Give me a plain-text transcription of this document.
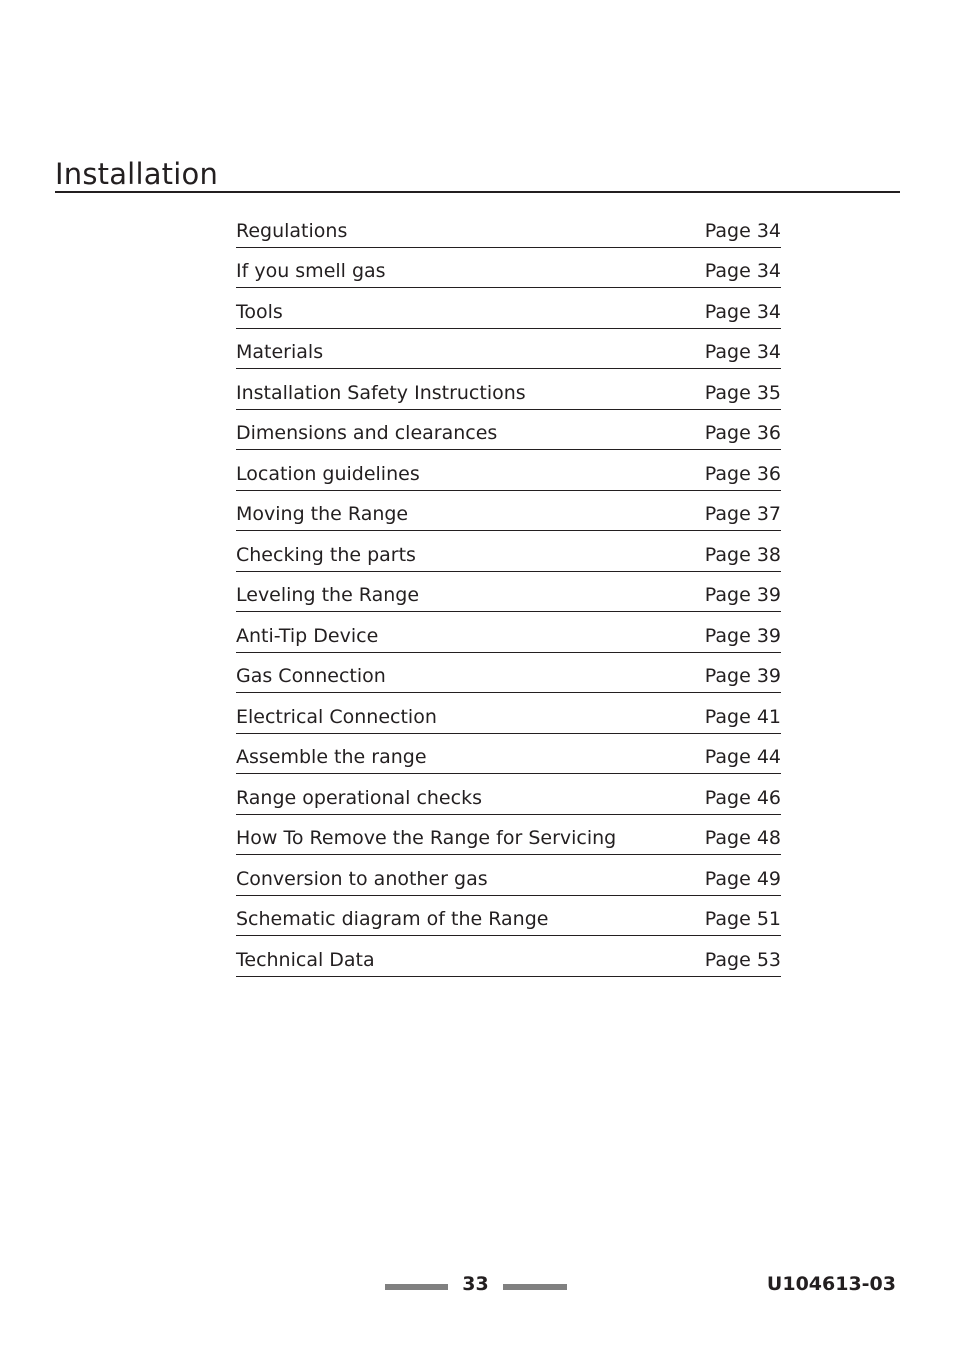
Installation
Regulations	Page 34
If you smell gas	Page 34
Tools	Page 34
Materials	Page 34
Installation Safety Instructions	Page 35
Dimensions and clearances	Page 36
Location guidelines	Page 36
Moving the Range	Page 37
Checking the parts	Page 38
Leveling the Range	Page 39
Anti-Tip Device	Page 39
Gas Connection	Page 39
Electrical Connection	Page 41
Assemble the range	Page 44
Range operational checks	Page 46
How To Remove the Range for Servicing	Page 48
Conversion to another gas	Page 49
Schematic diagram of the Range	Page 51
Technical Data	Page 53
33	U104613-03
